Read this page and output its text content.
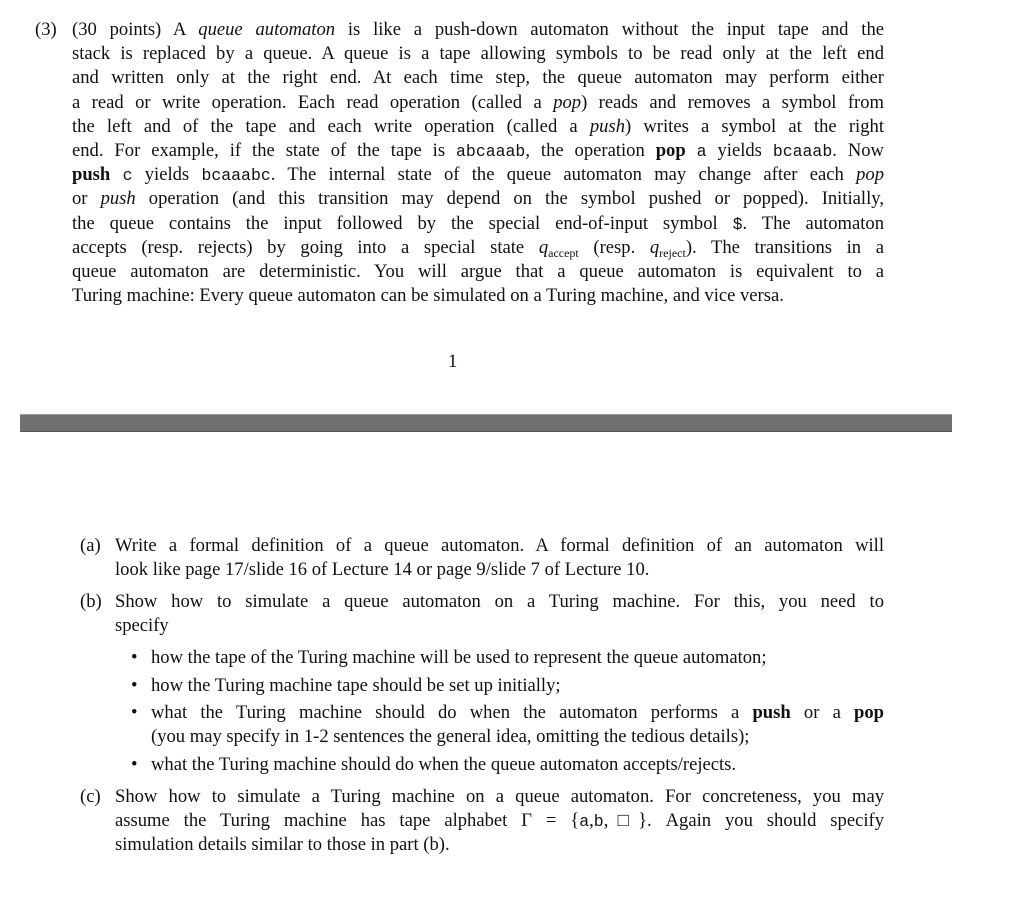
(3) (30 points) A queue automaton is like a push-down automaton without the input tape and the
stack is replaced by a queue. A queue is a tape allowing symbols to be read only at the left end
and written only at the right end. At each time step, the queue automaton may perform either
a read or write operation. Each read operation (called a pop) reads and removes a symbol from
the left and of the tape and each write operation (called a push) writes a symbol at the right
end. For example, if the state of the tape is abcaaab, the operation pop a yields bcaaab. Now
push c yields bcaaabc. The internal state of the queue automaton may change after each pop
or push operation (and this transition may depend on the symbol pushed or popped). Initially,
the queue contains the input followed by the special end-of-input symbol $. The automaton
accepts (resp. rejects) by going into a special state $q_{accept}$ (resp. $q_{reject}$). The transitions in a
queue automaton are deterministic. You will argue that a queue automaton is equivalent to a
Turing machine: Every queue automaton can be simulated on a Turing machine, and vice versa.
1
(a) Write a formal definition of a queue automaton. A formal definition of an automaton will
look like page 17/slide 16 of Lecture 14 or page 9/slide 7 of Lecture 10.
(b) Show how to simulate a queue automaton on a Turing machine. For this, you need to
specify
• how the tape of the Turing machine will be used to represent the queue automaton;
• how the Turing machine tape should be set up initially;
• what the Turing machine should do when the automaton performs a push or a pop
(you may specify in 1-2 sentences the general idea, omitting the tedious details);
• what the Turing machine should do when the queue automaton accepts/rejects.
(c) Show how to simulate a Turing machine on a queue automaton. For concreteness, you may
assume the Turing machine has tape alphabet Γ = {a,b,□}. Again you should specify
simulation details similar to those in part (b).
